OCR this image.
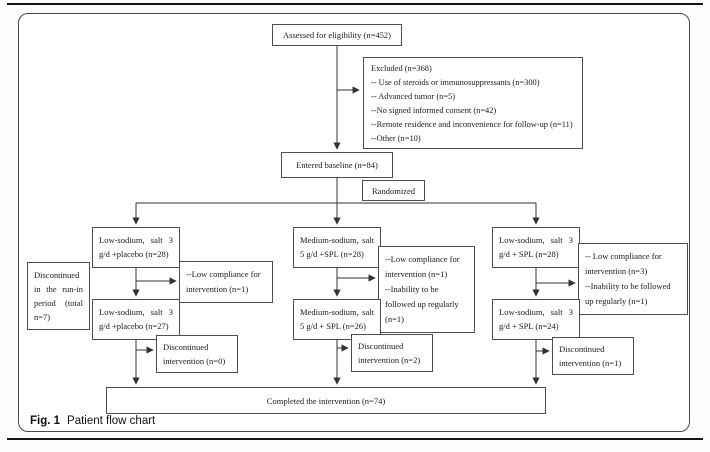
Assessed for eligibility (n=452)
Excluded (n=368)
-- Use of steroids or immunosuppressants (n=300)
-- Advanced tumor (n=5)
--No signed informed consent (n=42)
--Remote residence and inconvenience for follow-up (n=11)
--Other (n=10)
Entered baseline (n=84)
Randomized
Discontinued in the run-in period (total n=7)
Low-sodium, salt 3 g/d +placebo (n=28)
--Low compliance for intervention (n=1)
Low-sodium, salt 3 g/d +placebo (n=27)
Discontinued intervention (n=0)
Medium-sodium, salt 5 g/d +SPL (n=28)	--Low compliance for intervention (n=1)
--Inability to be followed up regularly (n=1)
Medium-sodium, salt 5 g/d + SPL (n=26)
Discontinued intervention (n=2)
Low-sodium, salt 3 g/d + SPL (n=28)	-- Low compliance for intervention (n=3)
--Inability to be followed up regularly (n=1)
Low-sodium, salt 3 g/d + SPL (n=24)
Discontinued intervention (n=1)
Completed the intervention (n=74)
Fig. 1 Patient flow chart
